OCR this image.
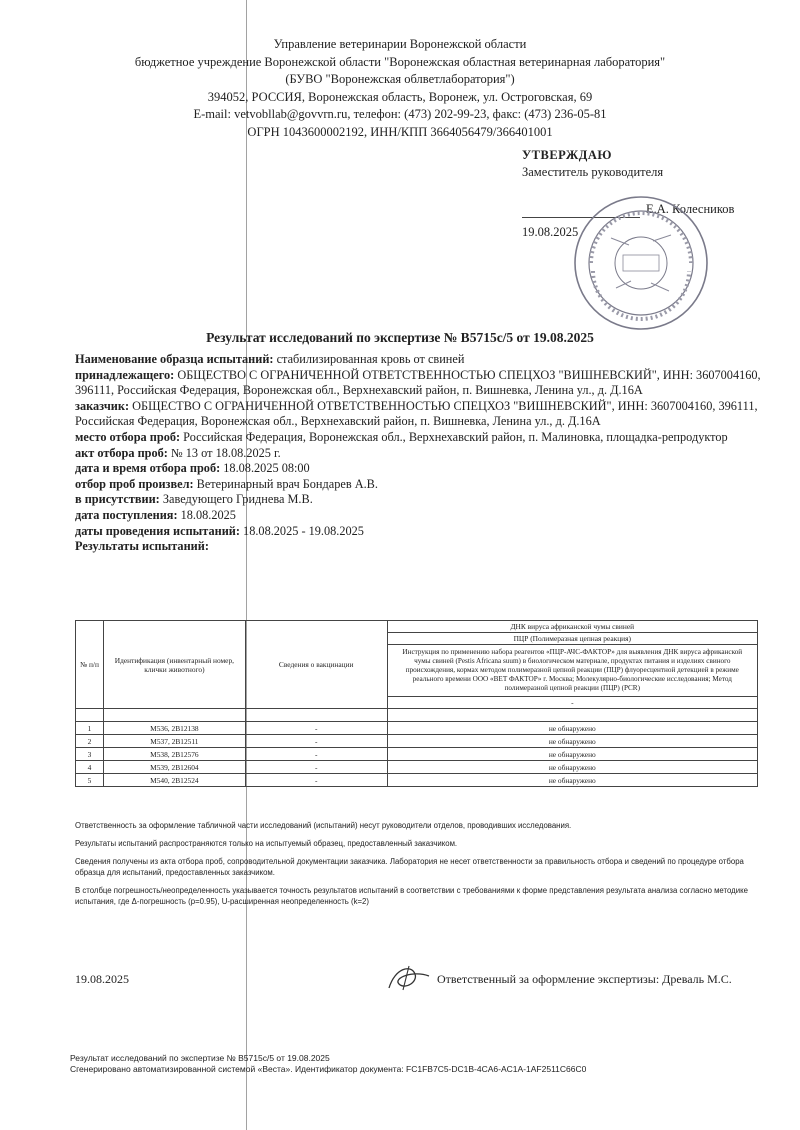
Управление ветеринарии Воронежской области
бюджетное учреждение Воронежской области "Воронежская областная ветеринарная лаборатория"
(БУВО "Воронежская облветлаборатория")
394052, РОССИЯ, Воронежская область, Воронеж, ул. Остроговская, 69
E-mail: vetvobllab@govvrn.ru, телефон: (473) 202-99-23, факс: (473) 236-05-81
ОГРН 1043600002192, ИНН/КПП 3664056479/366401001
УТВЕРЖДАЮ
Заместитель руководителя
Е.А. Колесников
19.08.2025
Результат исследований по экспертизе № В5715с/5 от 19.08.2025

Наименование образца испытаний: стабилизированная кровь от свиней

принадлежащего: ОБЩЕСТВО С ОГРАНИЧЕННОЙ ОТВЕТСТВЕННОСТЬЮ СПЕЦХОЗ "ВИШНЕВСКИЙ", ИНН: 3607004160, 396111, Российская Федерация, Воронежская обл., Верхнехавский район, п. Вишневка, Ленина ул., д. Д.16А

заказчик: ОБЩЕСТВО С ОГРАНИЧЕННОЙ ОТВЕТСТВЕННОСТЬЮ СПЕЦХОЗ "ВИШНЕВСКИЙ", ИНН: 3607004160, 396111, Российская Федерация, Воронежская обл., Верхнехавский район, п. Вишневка, Ленина ул., д. Д.16А

место отбора проб: Российская Федерация, Воронежская обл., Верхнехавский район, п. Малиновка, площадка-репродуктор

акт отбора проб: № 13 от 18.08.2025 г.

дата и время отбора проб: 18.08.2025 08:00

отбор проб произвел: Ветеринарный врач Бондарев А.В.

в присутствии: Заведующего Гриднева М.В.

дата поступления: 18.08.2025

даты проведения испытаний: 18.08.2025 - 19.08.2025

Результаты испытаний:

№ п/п	Идентификация (инвентарный номер, клички животного)	Сведения о вакцинации	ДНК вируса африканской чумы свиней
			ПЦР (Полимеразная цепная реакция)
			Инструкция по применению набора реагентов «ПЦР-АЧС-ФАКТОР» для выявления ДНК вируса африканской чумы свиней (Pestis Africana suum) в биологическом материале, продуктах питания и изделиях свиного происхождения, кормах методом полимеразной цепной реакции (ПЦР) флуоресцентной детекцией в режиме реального времени ООО «ВЕТ ФАКТОР» г. Москва; Молекулярно-биологические исследования; Метод полимеразной цепной реакции (ПЦР) (PCR)
			-

1	М536, 2В12138	-	не обнаружено
2	М537, 2В12511	-	не обнаружено
3	М538, 2В12576	-	не обнаружено
4	М539, 2В12604	-	не обнаружено
5	М540, 2В12524	-	не обнаружено

Ответственность за оформление табличной части исследований (испытаний) несут руководители отделов, проводивших исследования.

Результаты испытаний распространяются только на испытуемый образец, предоставленный заказчиком.

Сведения получены из акта отбора проб, сопроводительной документации заказчика. Лаборатория не несет ответственности за правильность отбора и сведений по процедуре отбора образца для испытаний, предоставленных заказчиком.

В столбце погрешность/неопределенность указывается точность результатов испытаний в соответствии с требованиями к форме представления результата анализа согласно методике испытания, где Δ-погрешность (р=0.95), U-расширенная неопределенность (k=2)

19.08.2025	Ответственный за оформление экспертизы: Древаль М.С.
Результат исследований по экспертизе № В5715с/5 от 19.08.2025
Сгенерировано автоматизированной системой «Веста». Идентификатор документа: FC1FB7C5-DC1B-4CA6-AC1A-1AF2511C66C0
